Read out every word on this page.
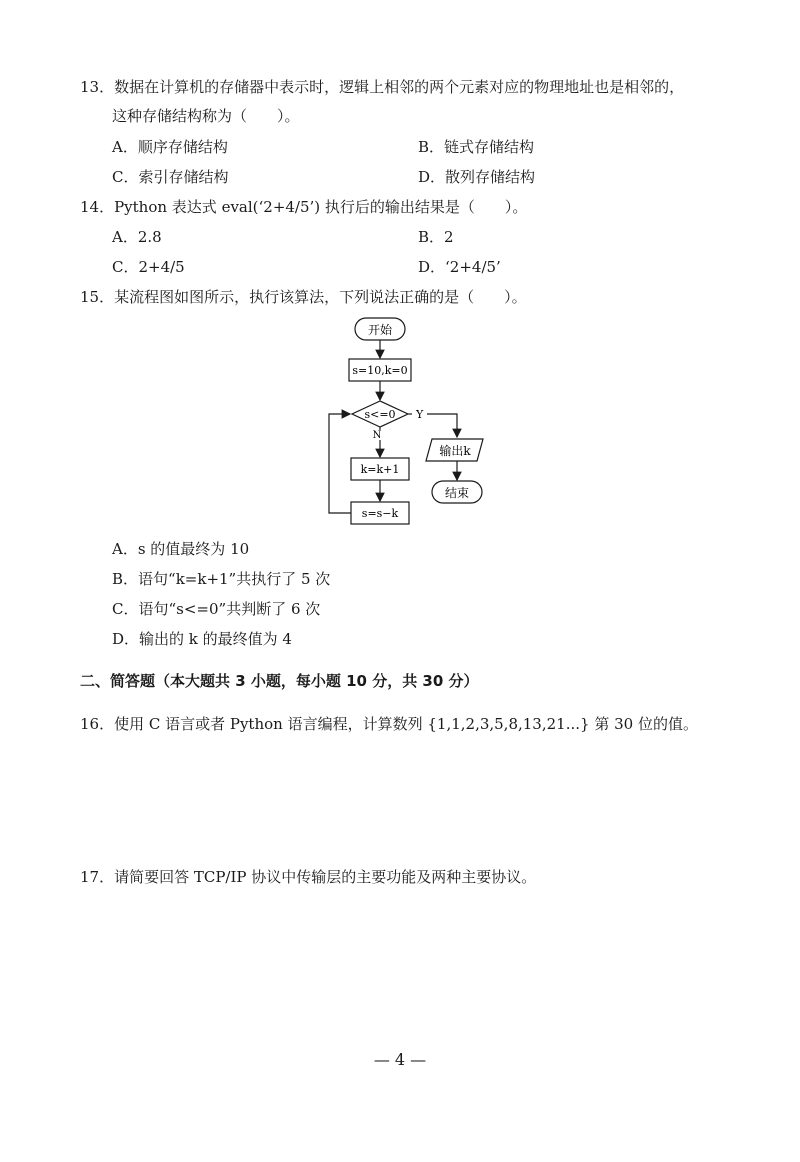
13．数据在计算机的存储器中表示时，逻辑上相邻的两个元素对应的物理地址也是相邻的，
这种存储结构称为（　　）。
A．顺序存储结构	B．链式存储结构
C．索引存储结构	D．散列存储结构
14．Python 表达式 eval(‘2+4/5’) 执行后的输出结果是（　　）。
A．2.8	B．2
C．2+4/5	D．‘2+4/5’
15．某流程图如图所示，执行该算法，下列说法正确的是（　　）。
开始
s=10,k=0
s<=0 Y
输出k
结束
N
k=k+1
s=s−k
A．s 的值最终为 10
B．语句“k=k+1”共执行了 5 次
C．语句“s<=0”共判断了 6 次
D．输出的 k 的最终值为 4
二、简答题（本大题共 3 小题，每小题 10 分，共 30 分）
16．使用 C 语言或者 Python 语言编程，计算数列 {1,1,2,3,5,8,13,21...} 第 30 位的值。
17．请简要回答 TCP/IP 协议中传输层的主要功能及两种主要协议。
— 4 —
